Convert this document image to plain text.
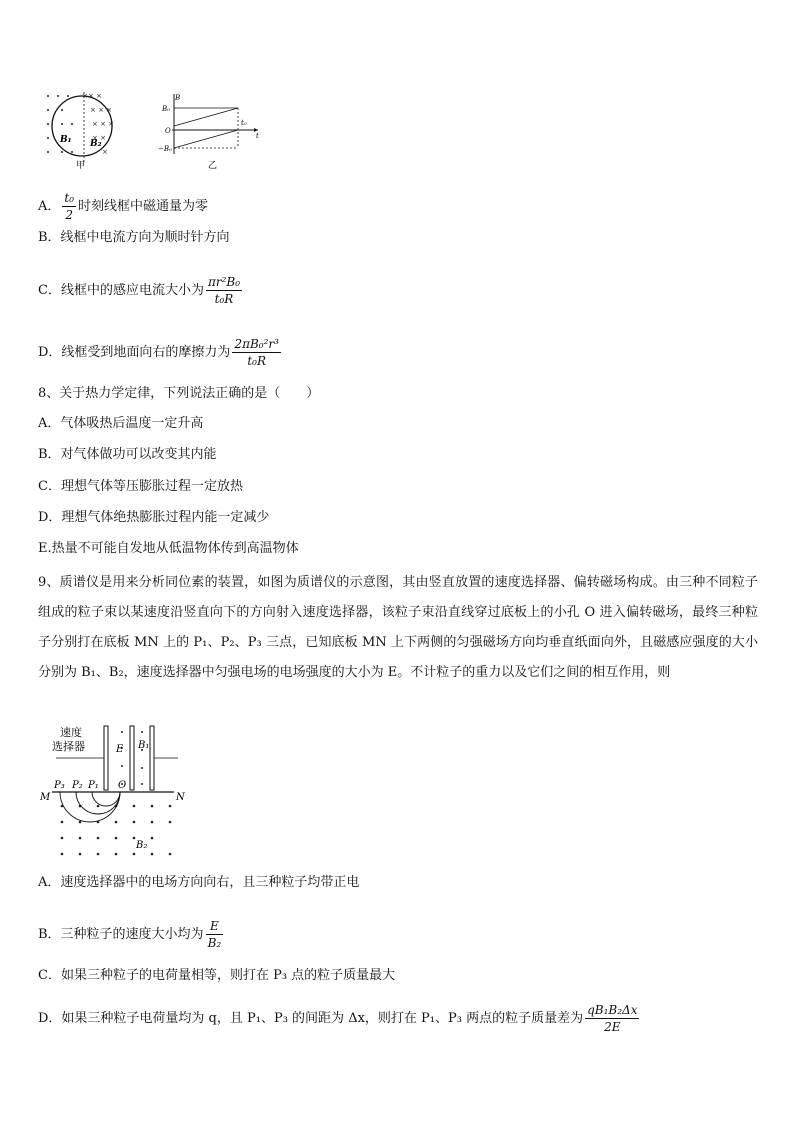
× ×
× × ×
× × ×
× ×
×
×
B₁ B₂
甲
B
B₀
O
−B₀
t₀
t
乙
A． $\frac{\text{t₀}}{2}$ 时刻线框中磁通量为零
B．线框中电流方向为顺时针方向
C．线框中的感应电流大小为 $\frac{\text{πr²B₀}}{\text{t₀R}}$
D．线框受到地面向右的摩擦力为 $\frac{\text{2πB₀²r³}}{\text{t₀R}}$
8、关于热力学定律，下列说法正确的是（　　）
A．气体吸热后温度一定升高
B．对气体做功可以改变其内能
C．理想气体等压膨胀过程一定放热
D．理想气体绝热膨胀过程内能一定减少
E.热量不可能自发地从低温物体传到高温物体
9、质谱仪是用来分析同位素的装置，如图为质谱仪的示意图，其由竖直放置的速度选择器、偏转磁场构成。由三种不同粒子组成的粒子束以某速度沿竖直向下的方向射入速度选择器，该粒子束沿直线穿过底板上的小孔 O 进入偏转磁场，最终三种粒子分别打在底板 MN 上的 P₁、P₂、P₃ 三点，已知底板 MN 上下两侧的匀强磁场方向均垂直纸面向外，且磁感应强度的大小分别为 B₁、B₂，速度选择器中匀强电场的电场强度的大小为 E。不计粒子的重力以及它们之间的相互作用，则
E B₁
M	N
P₃ P₂ P₁ O
B₂
速度
选择器
A．速度选择器中的电场方向向右，且三种粒子均带正电
B．三种粒子的速度大小均为 $\frac{E}{\text{B₂}}$
C．如果三种粒子的电荷量相等，则打在 P₃ 点的粒子质量最大
D．如果三种粒子电荷量均为 q，且 P₁、P₃ 的间距为 Δx，则打在 P₁、P₃ 两点的粒子质量差为 $\frac{\text{qB₁B₂Δx}}{2E}$
